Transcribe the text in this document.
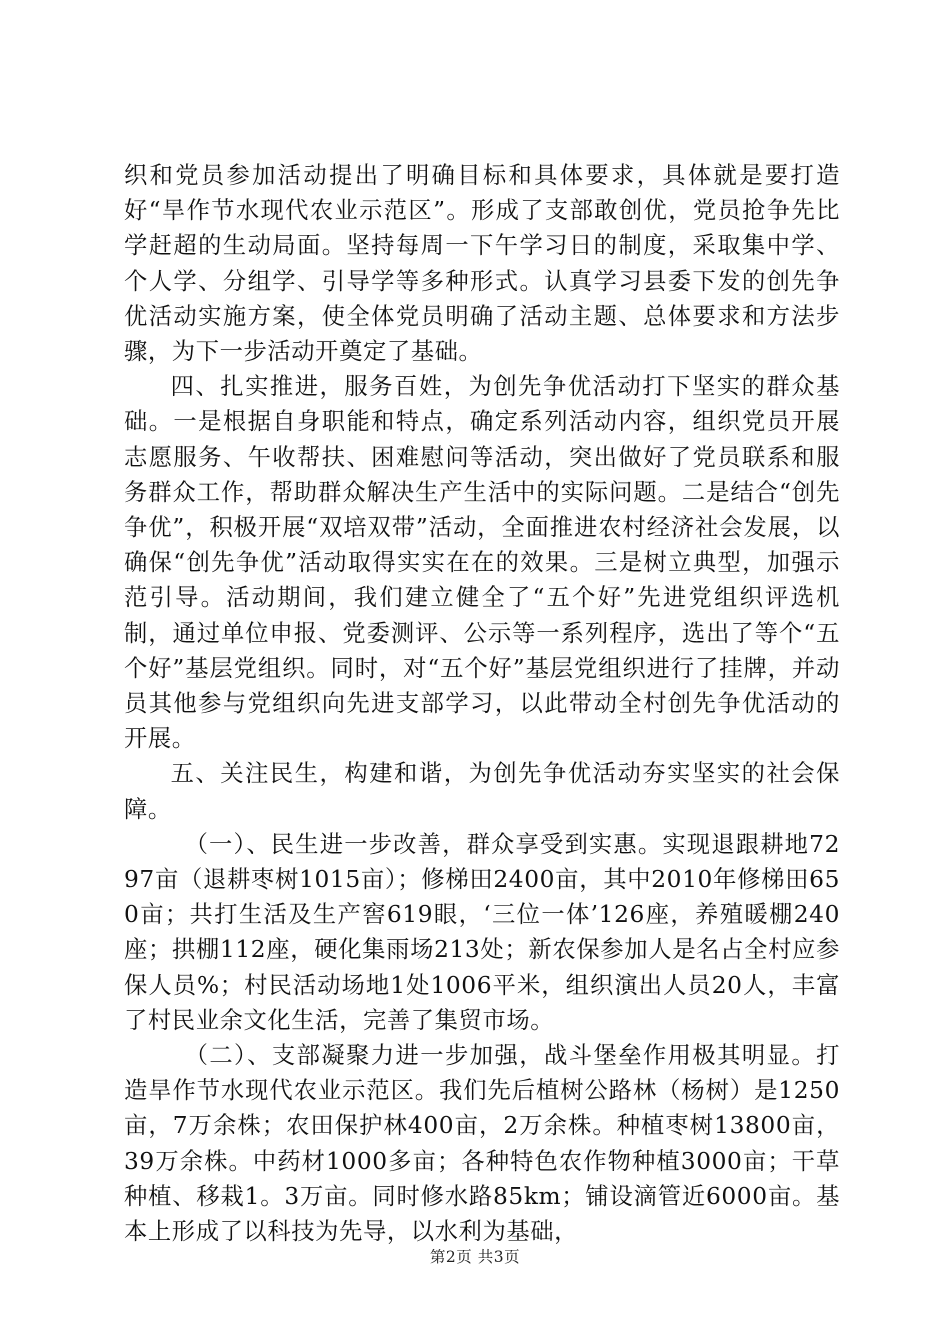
织和党员参加活动提出了明确目标和具体要求，具体就是要打造好“旱作节水现代农业示范区”。形成了支部敢创优，党员抢争先比学赶超的生动局面。坚持每周一下午学习日的制度，采取集中学、个人学、分组学、引导学等多种形式。认真学习县委下发的创先争优活动实施方案，使全体党员明确了活动主题、总体要求和方法步骤，为下一步活动开奠定了基础。

四、扎实推进，服务百姓，为创先争优活动打下坚实的群众基础。一是根据自身职能和特点，确定系列活动内容，组织党员开展志愿服务、午收帮扶、困难慰问等活动，突出做好了党员联系和服务群众工作，帮助群众解决生产生活中的实际问题。二是结合“创先争优”，积极开展“双培双带”活动，全面推进农村经济社会发展，以确保“创先争优”活动取得实实在在的效果。三是树立典型，加强示范引导。活动期间，我们建立健全了“五个好”先进党组织评选机制，通过单位申报、党委测评、公示等一系列程序，选出了等个“五个好”基层党组织。同时，对“五个好”基层党组织进行了挂牌，并动员其他参与党组织向先进支部学习，以此带动全村创先争优活动的开展。

五、关注民生，构建和谐，为创先争优活动夯实坚实的社会保障。

（一）、民生进一步改善，群众享受到实惠。实现退跟耕地7297亩（退耕枣树1015亩）；修梯田2400亩，其中2010年修梯田650亩；共打生活及生产窖619眼，‘三位一体’126座，养殖暖棚240座；拱棚112座，硬化集雨场213处；新农保参加人是名占全村应参保人员%；村民活动场地1处1006平米，组织演出人员20人，丰富了村民业余文化生活，完善了集贸市场。

（二）、支部凝聚力进一步加强，战斗堡垒作用极其明显。打造旱作节水现代农业示范区。我们先后植树公路林（杨树）是1250亩，7万余株；农田保护林400亩，2万余株。种植枣树13800亩，39万余株。中药材1000多亩；各种特色农作物种植3000亩；干草种植、移栽1。3万亩。同时修水路85km；铺设滴管近6000亩。基本上形成了以科技为先导，以水利为基础，

第2页 共3页
